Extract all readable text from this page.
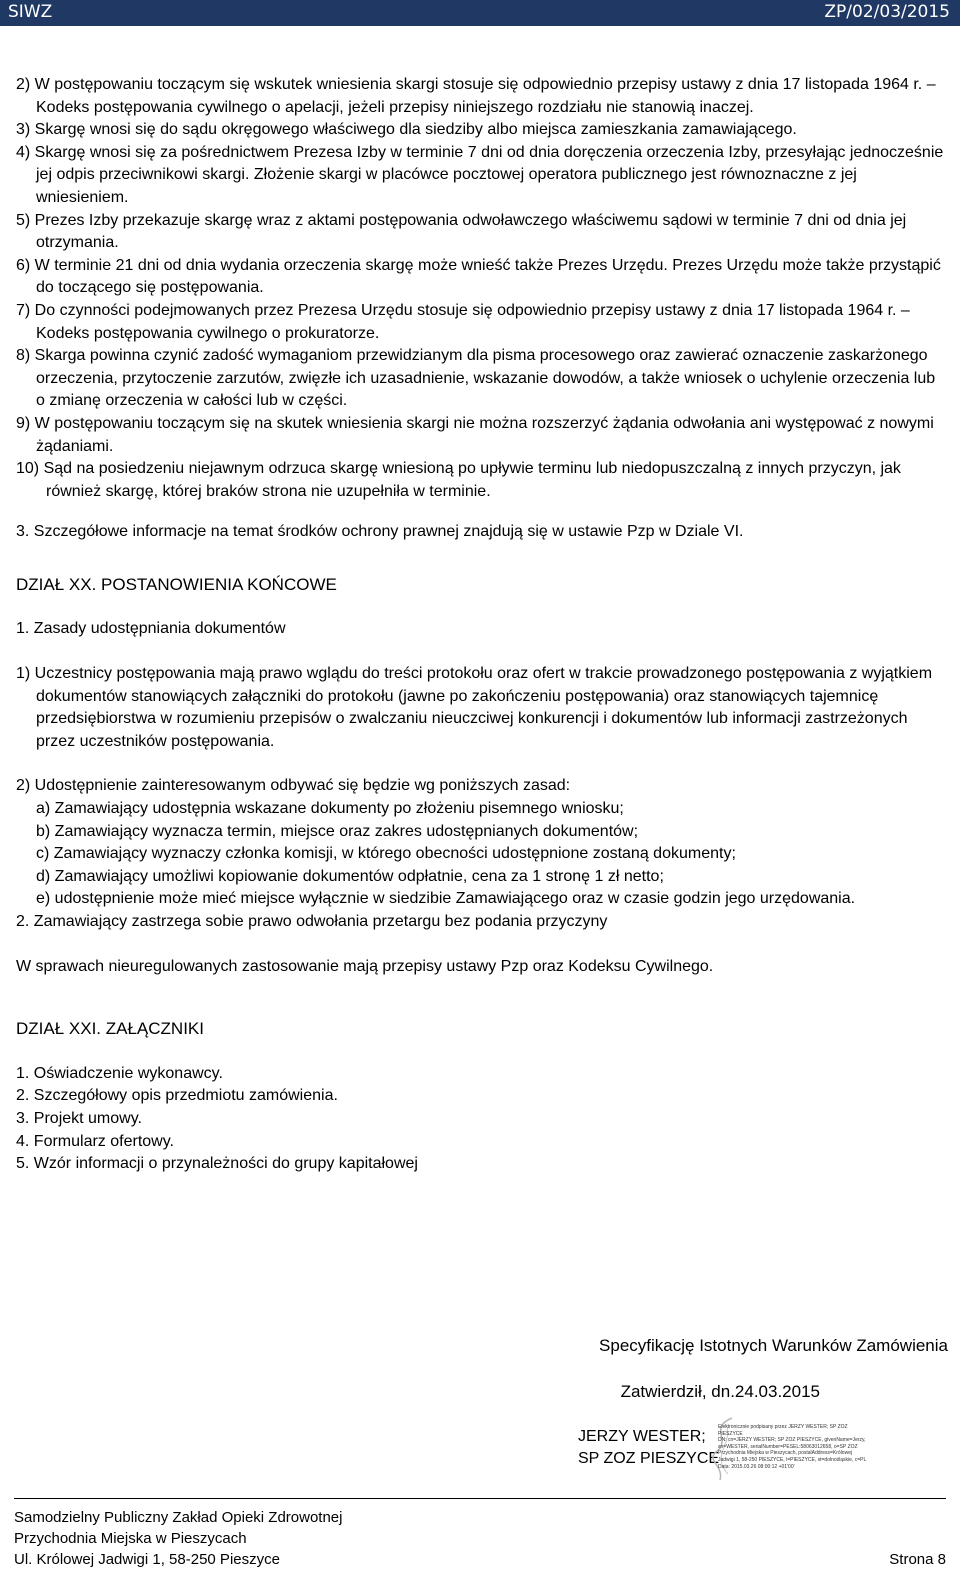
SIWZ	ZP/02/03/2015

2) W postępowaniu toczącym się wskutek wniesienia skargi stosuje się odpowiednio przepisy ustawy z dnia 17 listopada 1964 r. – Kodeks postępowania cywilnego o apelacji, jeżeli przepisy niniejszego rozdziału nie stanowią inaczej.

3) Skargę wnosi się do sądu okręgowego właściwego dla siedziby albo miejsca zamieszkania zamawiającego.

4) Skargę wnosi się za pośrednictwem Prezesa Izby w terminie 7 dni od dnia doręczenia orzeczenia Izby, przesyłając jednocześnie jej odpis przeciwnikowi skargi. Złożenie skargi w placówce pocztowej operatora publicznego jest równoznaczne z jej wniesieniem.

5) Prezes Izby przekazuje skargę wraz z aktami postępowania odwoławczego właściwemu sądowi w terminie 7 dni od dnia jej otrzymania.

6) W terminie 21 dni od dnia wydania orzeczenia skargę może wnieść także Prezes Urzędu. Prezes Urzędu może także przystąpić do toczącego się postępowania.

7) Do czynności podejmowanych przez Prezesa Urzędu stosuje się odpowiednio przepisy ustawy z dnia 17 listopada 1964 r. – Kodeks postępowania cywilnego o prokuratorze.

8) Skarga powinna czynić zadość wymaganiom przewidzianym dla pisma procesowego oraz zawierać oznaczenie zaskarżonego orzeczenia, przytoczenie zarzutów, zwięzłe ich uzasadnienie, wskazanie dowodów, a także wniosek o uchylenie orzeczenia lub o zmianę orzeczenia w całości lub w części.

9) W postępowaniu toczącym się na skutek wniesienia skargi nie można rozszerzyć żądania odwołania ani występować z nowymi żądaniami.

10) Sąd na posiedzeniu niejawnym odrzuca skargę wniesioną po upływie terminu lub niedopuszczalną z innych przyczyn, jak również skargę, której braków strona nie uzupełniła w terminie.

3. Szczegółowe informacje na temat środków ochrony prawnej znajdują się w ustawie Pzp w Dziale VI.

DZIAŁ XX. POSTANOWIENIA KOŃCOWE

1. Zasady udostępniania dokumentów

1) Uczestnicy postępowania mają prawo wglądu do treści protokołu oraz ofert w trakcie prowadzonego postępowania z wyjątkiem dokumentów stanowiących załączniki do protokołu (jawne po zakończeniu postępowania) oraz stanowiących tajemnicę przedsiębiorstwa w rozumieniu przepisów o zwalczaniu nieuczciwej konkurencji i dokumentów lub informacji zastrzeżonych przez uczestników postępowania.

2) Udostępnienie zainteresowanym odbywać się będzie wg poniższych zasad:

a) Zamawiający udostępnia wskazane dokumenty po złożeniu pisemnego wniosku;

b) Zamawiający wyznacza termin, miejsce oraz zakres udostępnianych dokumentów;

c) Zamawiający wyznaczy członka komisji, w którego obecności udostępnione zostaną dokumenty;

d) Zamawiający umożliwi kopiowanie dokumentów odpłatnie, cena za 1 stronę 1 zł netto;

e) udostępnienie może mieć miejsce wyłącznie w siedzibie Zamawiającego oraz w czasie godzin jego urzędowania.

2. Zamawiający zastrzega sobie prawo odwołania przetargu bez podania przyczyny

W sprawach nieuregulowanych zastosowanie mają przepisy ustawy Pzp oraz Kodeksu Cywilnego.

DZIAŁ XXI. ZAŁĄCZNIKI

1. Oświadczenie wykonawcy.

2. Szczegółowy opis przedmiotu zamówienia.

3. Projekt umowy.

4. Formularz ofertowy.

5. Wzór informacji o przynależności do grupy kapitałowej

Specyfikację Istotnych Warunków Zamówienia
Zatwierdził, dn.24.03.2015
JERZY WESTER;
SP ZOZ PIESZYCE
Elektronicznie podpisany przez JERZY WESTER; SP ZOZ
PIESZYCE
DN: cn=JERZY WESTER; SP ZOZ PIESZYCE, givenName=Jerzy,
sn=WESTER, serialNumber=PESEL:58063012658, o=SP ZOZ
Przychodnia Miejska w Pieszycach, postalAddress=Królowej
Jadwigi 1, 58-250 PIESZYCE, l=PIESZYCE, st=dolnośląskie, c=PL
Data: 2015.03.26 08:00:12 +01'00'
Samodzielny Publiczny Zakład Opieki Zdrowotnej
Przychodnia Miejska w Pieszycach
Ul. Królowej Jadwigi 1, 58-250 Pieszyce	Strona 8
